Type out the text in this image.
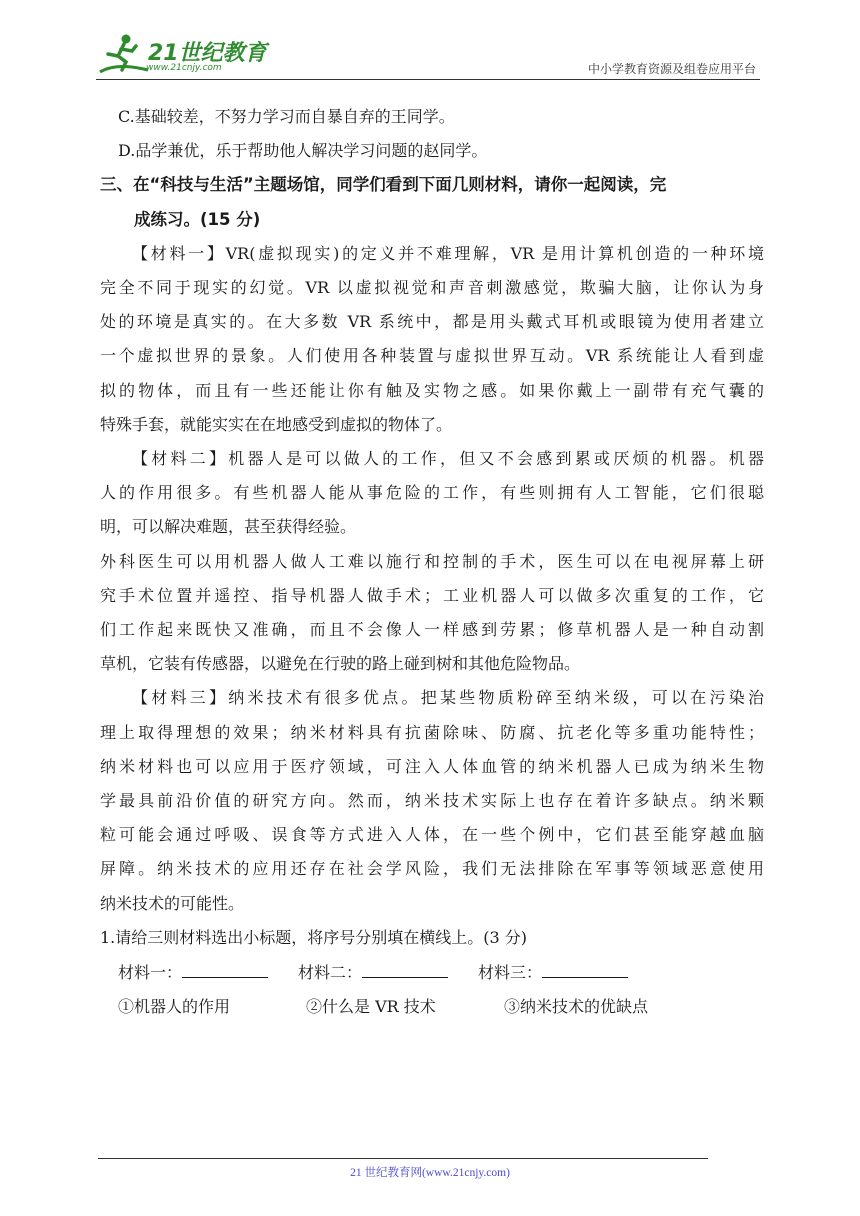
21世纪教育
www.21cnjy.com	中小学教育资源及组卷应用平台

C.基础较差，不努力学习而自暴自弃的王同学。

D.品学兼优，乐于帮助他人解决学习问题的赵同学。

三、在“科技与生活”主题场馆，同学们看到下面几则材料，请你一起阅读，完

成练习。(15 分)

【材料一】VR(虚拟现实)的定义并不难理解，VR 是用计算机创造的一种环境

完全不同于现实的幻觉。VR 以虚拟视觉和声音刺激感觉，欺骗大脑，让你认为身

处的环境是真实的。在大多数 VR 系统中，都是用头戴式耳机或眼镜为使用者建立

一个虚拟世界的景象。人们使用各种装置与虚拟世界互动。VR 系统能让人看到虚

拟的物体，而且有一些还能让你有触及实物之感。如果你戴上一副带有充气囊的

特殊手套，就能实实在在地感受到虚拟的物体了。

【材料二】机器人是可以做人的工作，但又不会感到累或厌烦的机器。机器

人的作用很多。有些机器人能从事危险的工作，有些则拥有人工智能，它们很聪

明，可以解决难题，甚至获得经验。

外科医生可以用机器人做人工难以施行和控制的手术，医生可以在电视屏幕上研

究手术位置并遥控、指导机器人做手术；工业机器人可以做多次重复的工作，它

们工作起来既快又准确，而且不会像人一样感到劳累；修草机器人是一种自动割

草机，它装有传感器，以避免在行驶的路上碰到树和其他危险物品。

【材料三】纳米技术有很多优点。把某些物质粉碎至纳米级，可以在污染治

理上取得理想的效果；纳米材料具有抗菌除味、防腐、抗老化等多重功能特性；

纳米材料也可以应用于医疗领域，可注入人体血管的纳米机器人已成为纳米生物

学最具前沿价值的研究方向。然而，纳米技术实际上也存在着许多缺点。纳米颗

粒可能会通过呼吸、误食等方式进入人体，在一些个例中，它们甚至能穿越血脑

屏障。纳米技术的应用还存在社会学风险，我们无法排除在军事等领域恶意使用

纳米技术的可能性。

1.请给三则材料选出小标题，将序号分别填在横线上。(3 分)

材料一：	材料二：	材料三：

①机器人的作用	②什么是 VR 技术	③纳米技术的优缺点

21 世纪教育网(www.21cnjy.com)
